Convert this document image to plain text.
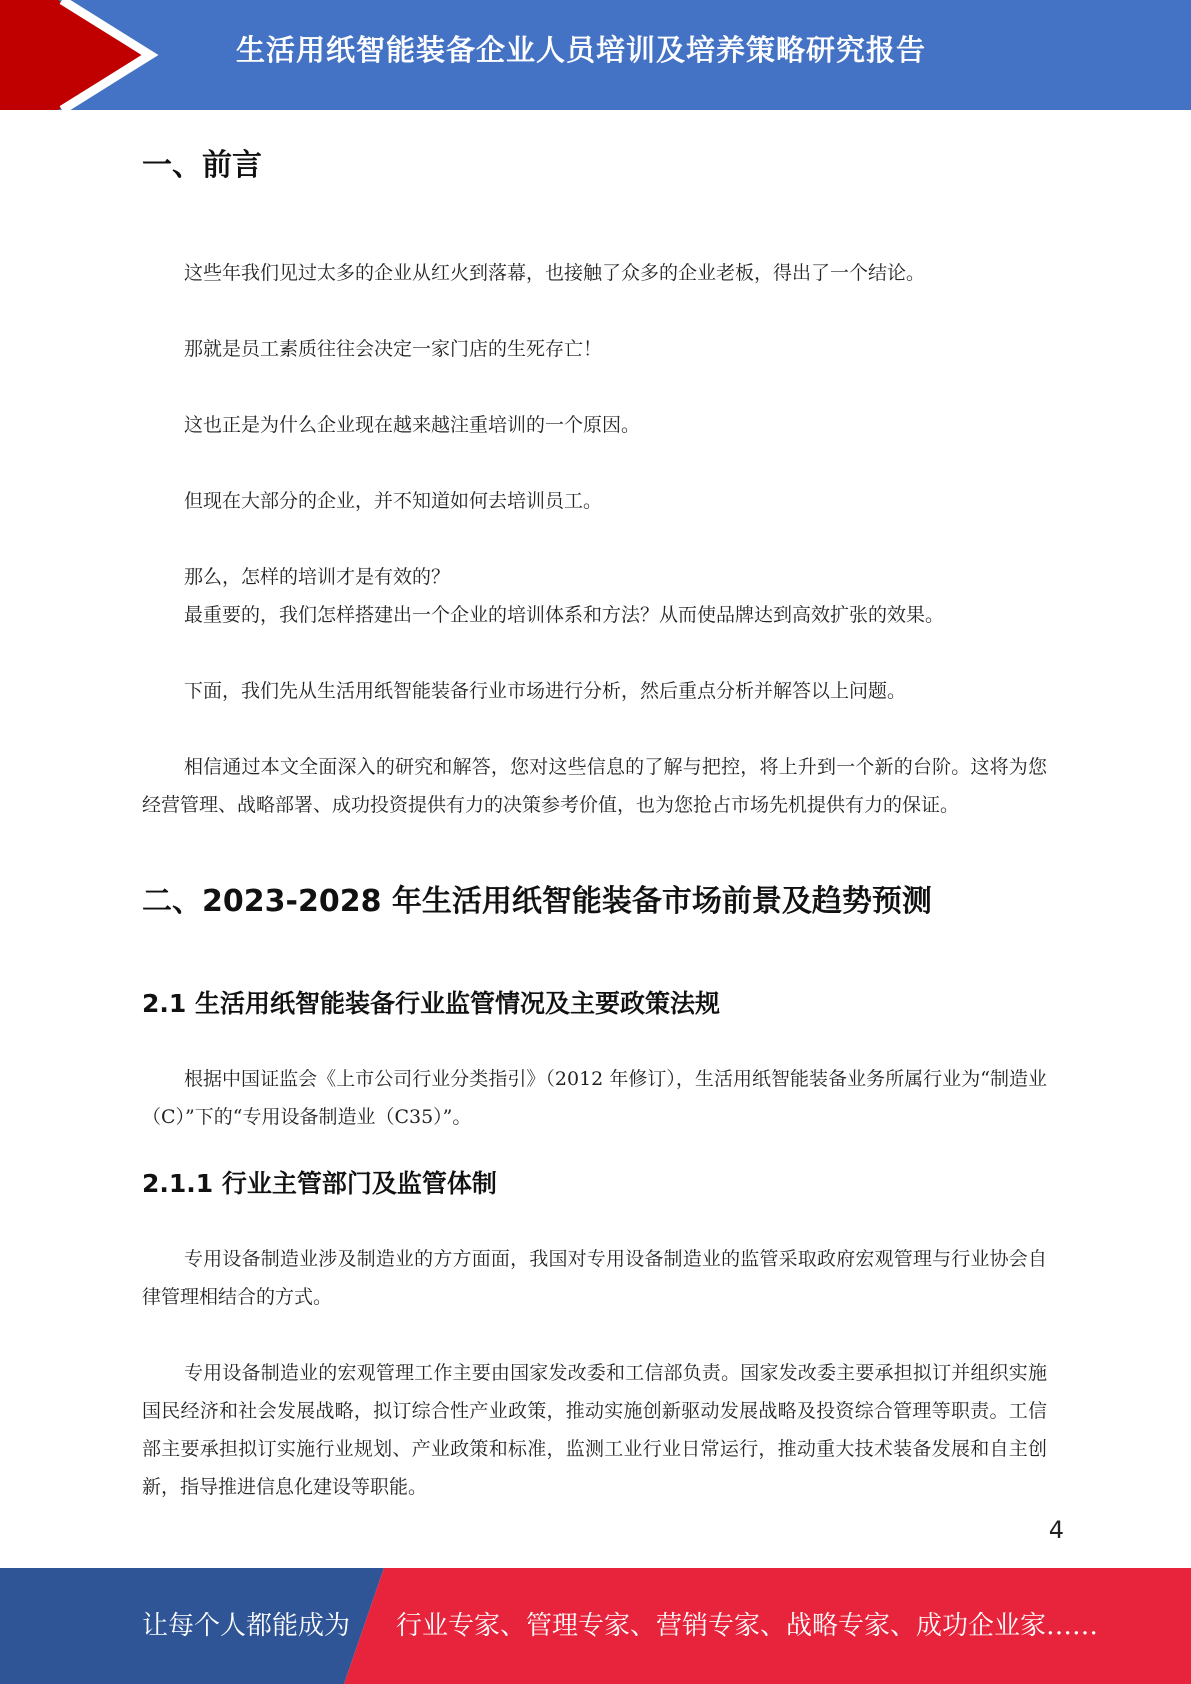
生活用纸智能装备企业人员培训及培养策略研究报告
一、前言

这些年我们见过太多的企业从红火到落幕，也接触了众多的企业老板，得出了一个结论。

那就是员工素质往往会决定一家门店的生死存亡！

这也正是为什么企业现在越来越注重培训的一个原因。

但现在大部分的企业，并不知道如何去培训员工。

那么，怎样的培训才是有效的？

最重要的，我们怎样搭建出一个企业的培训体系和方法？从而使品牌达到高效扩张的效果。

下面，我们先从生活用纸智能装备行业市场进行分析，然后重点分析并解答以上问题。

相信通过本文全面深入的研究和解答，您对这些信息的了解与把控，将上升到一个新的台阶。这将为您经营管理、战略部署、成功投资提供有力的决策参考价值，也为您抢占市场先机提供有力的保证。

二、2023-2028 年生活用纸智能装备市场前景及趋势预测
2.1 生活用纸智能装备行业监管情况及主要政策法规

根据中国证监会《上市公司行业分类指引》（2012 年修订），生活用纸智能装备业务所属行业为“制造业（C）”下的“专用设备制造业（C35）”。

2.1.1 行业主管部门及监管体制

专用设备制造业涉及制造业的方方面面，我国对专用设备制造业的监管采取政府宏观管理与行业协会自律管理相结合的方式。

专用设备制造业的宏观管理工作主要由国家发改委和工信部负责。国家发改委主要承担拟订并组织实施国民经济和社会发展战略，拟订综合性产业政策，推动实施创新驱动发展战略及投资综合管理等职责。工信部主要承担拟订实施行业规划、产业政策和标准，监测工业行业日常运行，推动重大技术装备发展和自主创新，指导推进信息化建设等职能。

4
让每个人都能成为 行业专家、管理专家、营销专家、战略专家、成功企业家……
